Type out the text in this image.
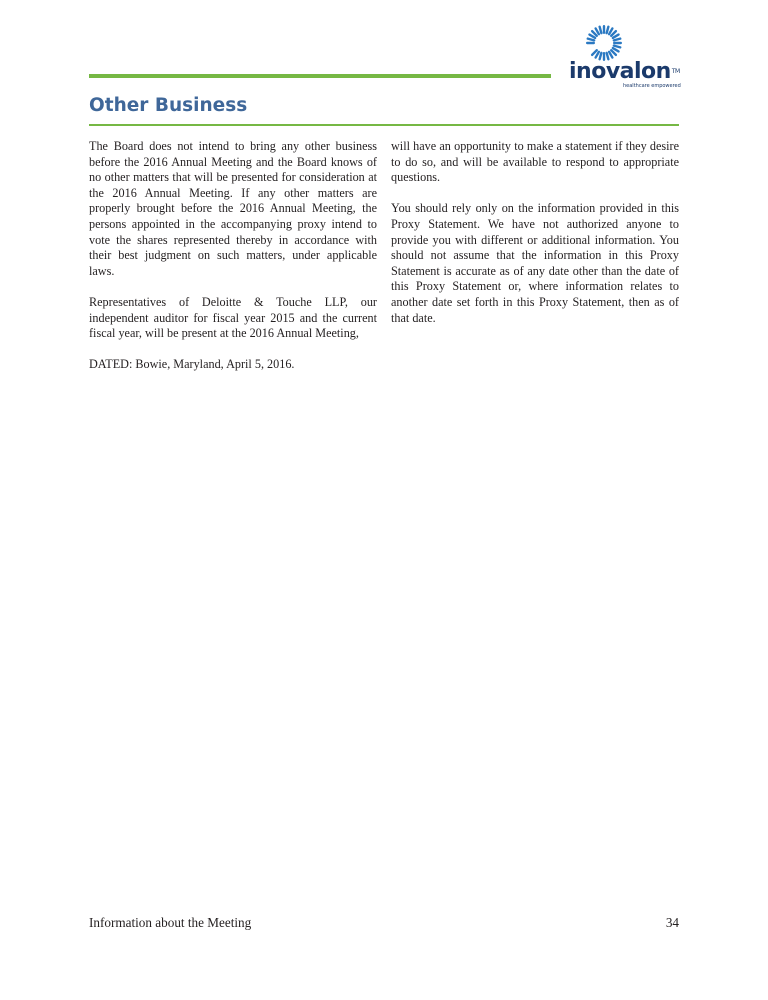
inovalon™
healthcare empowered
Other Business

The Board does not intend to bring any other business before the 2016 Annual Meeting and the Board knows of no other matters that will be presented for consideration at the 2016 Annual Meeting. If any other matters are properly brought before the 2016 Annual Meeting, the persons appointed in the accompanying proxy intend to vote the shares represented thereby in accordance with their best judgment on such matters, under applicable laws.

Representatives of Deloitte & Touche LLP, our independent auditor for fiscal year 2015 and the current fiscal year, will be present at the 2016 Annual Meeting,

DATED: Bowie, Maryland, April 5, 2016.

will have an opportunity to make a statement if they desire to do so, and will be available to respond to appropriate questions.

You should rely only on the information provided in this Proxy Statement. We have not authorized anyone to provide you with different or additional information. You should not assume that the information in this Proxy Statement is accurate as of any date other than the date of this Proxy Statement or, where information relates to another date set forth in this Proxy Statement, then as of that date.

Information about the Meeting	34
